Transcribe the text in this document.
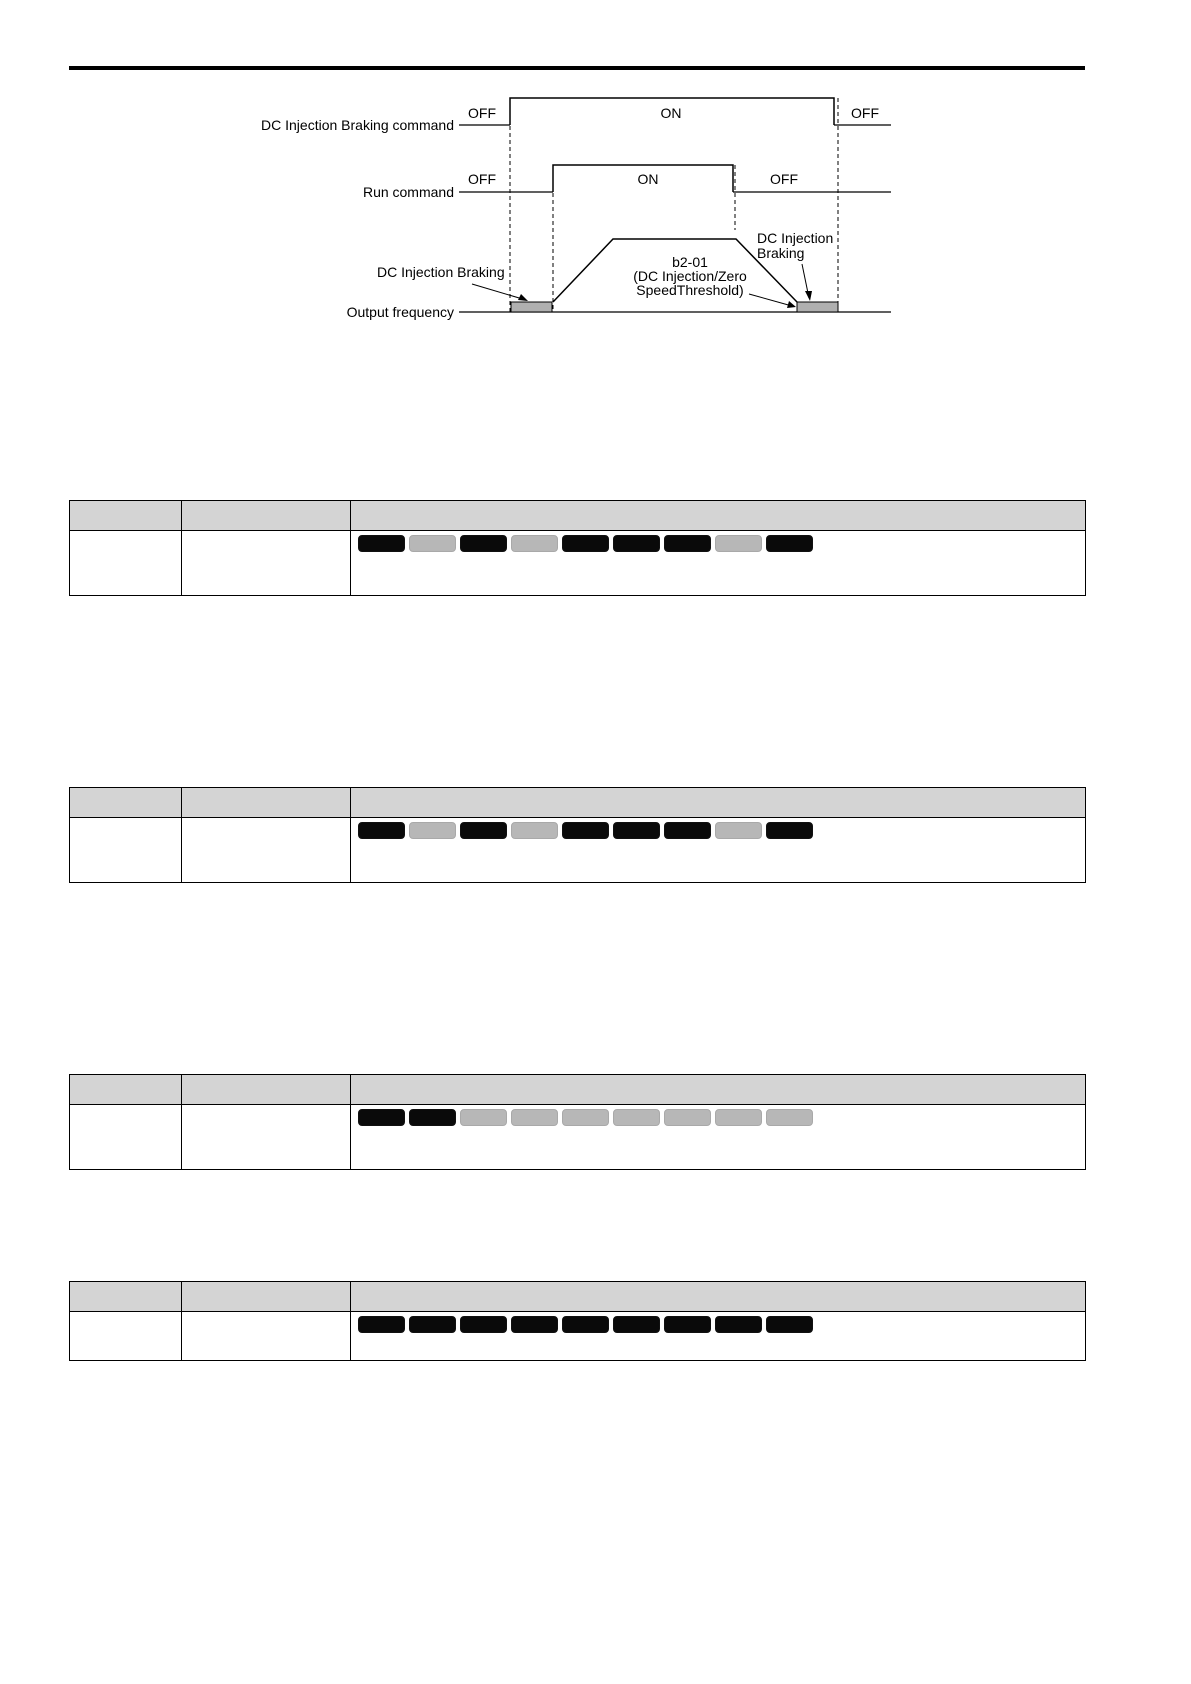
DC Injection Braking command
OFF	ON	OFF
Run command
OFF	ON	OFF
Output frequency
DC Injection Braking
DC Injection
Braking
b2-01
(DC Injection/Zero
SpeedThreshold)
